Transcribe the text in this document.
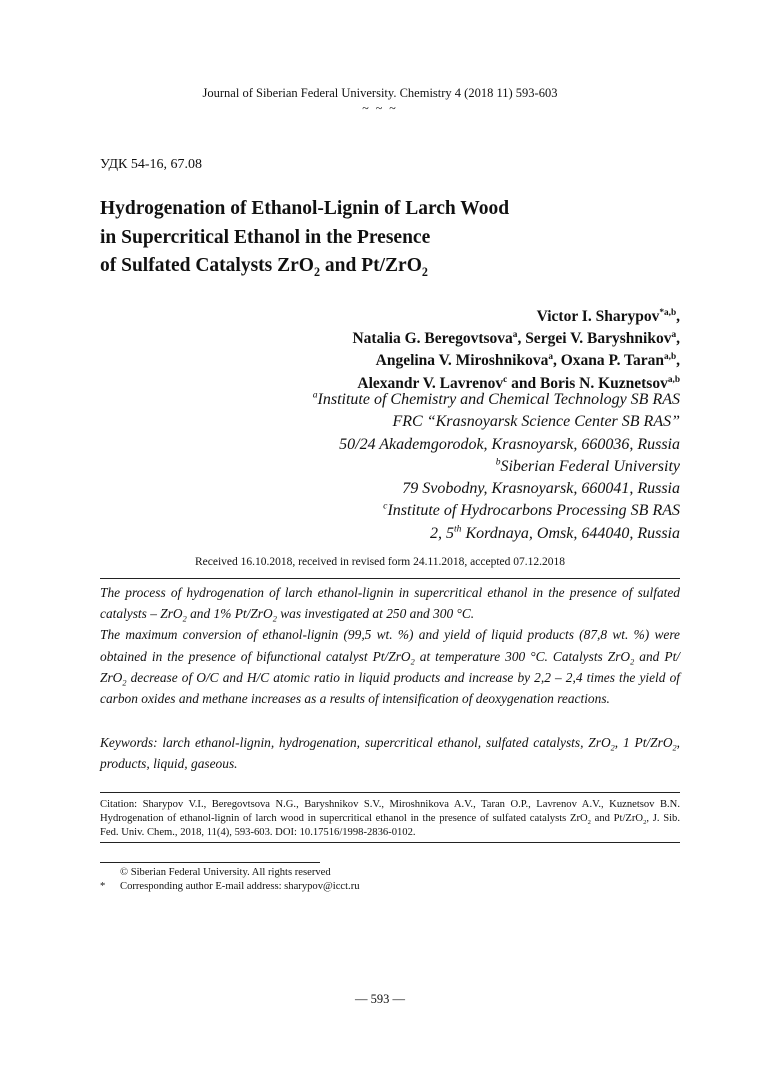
Journal of Siberian Federal University. Chemistry 4 (2018 11) 593-603
~ ~ ~
УДК 54-16, 67.08
Hydrogenation of Ethanol-Lignin of Larch Wood
in Supercritical Ethanol in the Presence
of Sulfated Catalysts ZrO$_2$ and Pt/ZrO$_2$
Victor I. Sharypov$^{*a,b}$,
Natalia G. Beregovtsova$^a$, Sergei V. Baryshnikov$^a$,
Angelina V. Miroshnikova$^a$, Oxana P. Taran$^{a,b}$,
Alexandr V. Lavrenov$^c$ and Boris N. Kuznetsov$^{a,b}$
$^a$Institute of Chemistry and Chemical Technology SB RAS
FRC “Krasnoyarsk Science Center SB RAS”
50/24 Akademgorodok, Krasnoyarsk, 660036, Russia
$^b$Siberian Federal University
79 Svobodny, Krasnoyarsk, 660041, Russia
$^c$Institute of Hydrocarbons Processing SB RAS
2, 5th Kordnaya, Omsk, 644040, Russia
Received 16.10.2018, received in revised form 24.11.2018, accepted 07.12.2018

The process of hydrogenation of larch ethanol-lignin in supercritical ethanol in the presence of sulfated catalysts – ZrO$_2$ and 1% Pt/ZrO$_2$ was investigated at 250 and 300 °С.

The maximum conversion of ethanol-lignin (99,5 wt. %) and yield of liquid products (87,8 wt. %) were obtained in the presence of bifunctional catalyst Pt/ZrO$_2$ at temperature 300 °С. Catalysts ZrO$_2$ and Pt/ ZrO$_2$ decrease of O/C and H/C atomic ratio in liquid products and increase by 2,2 – 2,4 times the yield of carbon oxides and methane increases as a results of intensification of deoxygenation reactions.

Keywords: larch ethanol-lignin, hydrogenation, supercritical ethanol, sulfated catalysts, ZrO$_2$, 1 Pt/ZrO$_2$, products, liquid, gaseous.
Citation: Sharypov V.I., Beregovtsova N.G., Baryshnikov S.V., Miroshnikova A.V., Taran O.P., Lavrenov A.V., Kuznetsov B.N. Hydrogenation of ethanol-lignin of larch wood in supercritical ethanol in the presence of sulfated catalysts ZrO$_2$ and Pt/ZrO$_2$, J. Sib. Fed. Univ. Chem., 2018, 11(4), 593-603. DOI: 10.17516/1998-2836-0102.
© Siberian Federal University. All rights reserved
* Corresponding author E-mail address: sharypov@icct.ru
— 593 —
